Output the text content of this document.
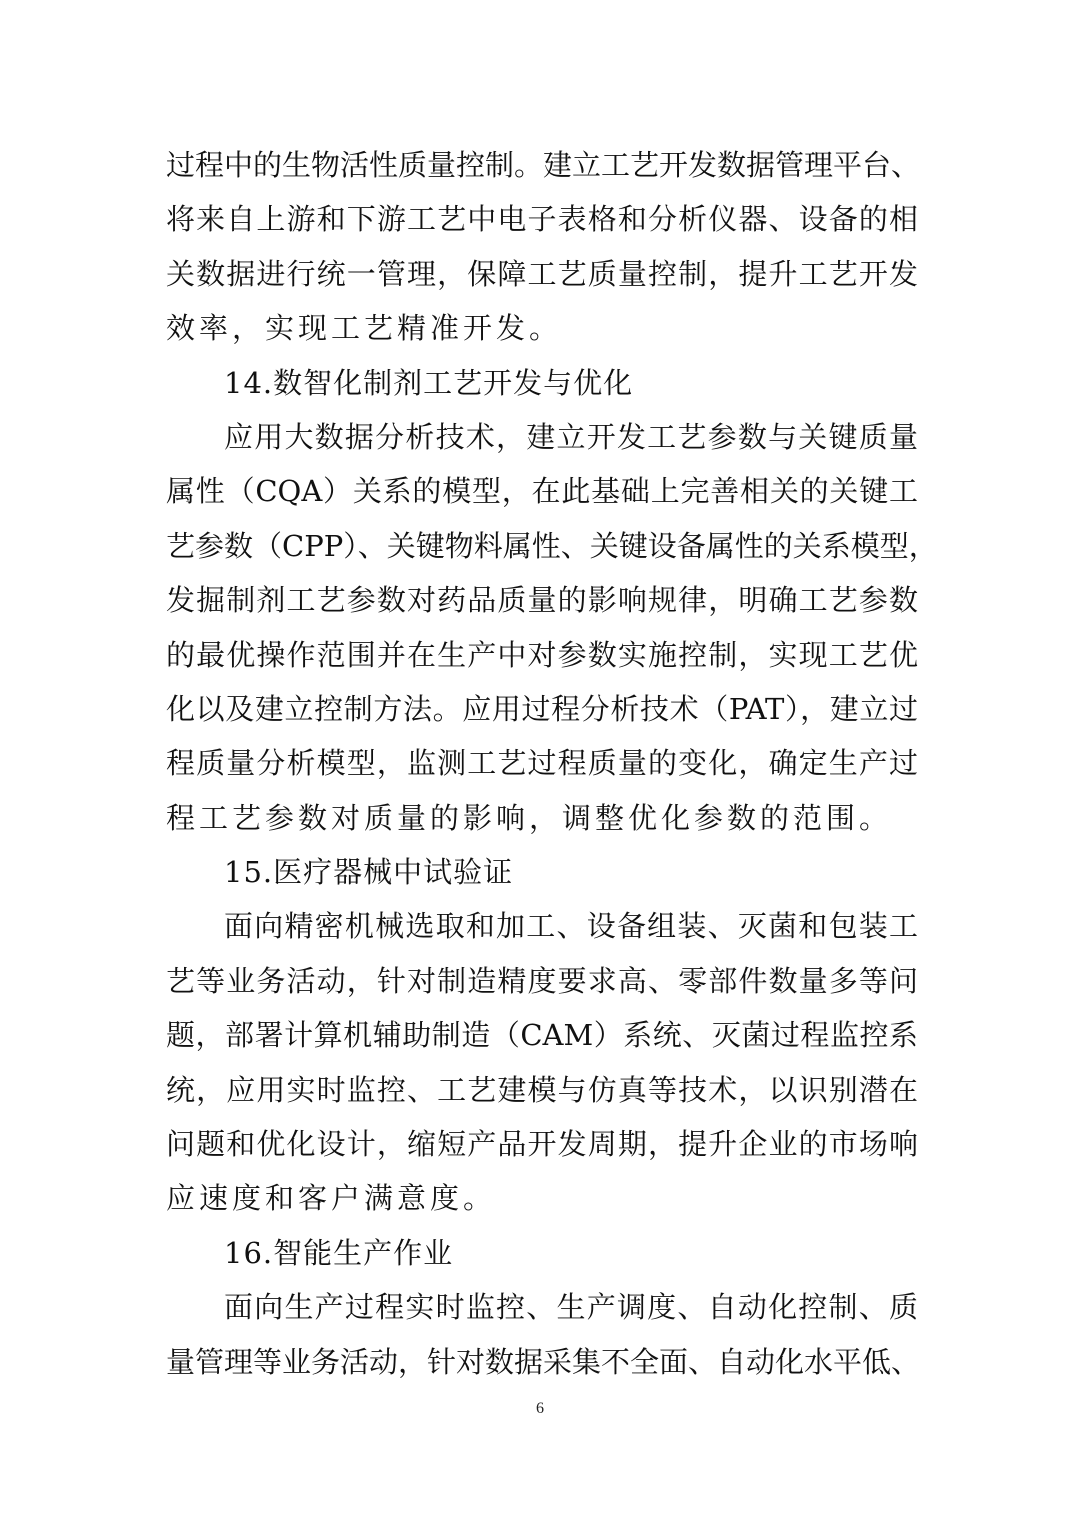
过程中的生物活性质量控制。建立工艺开发数据管理平台、
将来自上游和下游工艺中电子表格和分析仪器、设备的相
关数据进行统一管理，保障工艺质量控制，提升工艺开发
效率，实现工艺精准开发。
14.数智化制剂工艺开发与优化
应用大数据分析技术，建立开发工艺参数与关键质量
属性（CQA）关系的模型，在此基础上完善相关的关键工
艺参数（CPP）、关键物料属性、关键设备属性的关系模型，
发掘制剂工艺参数对药品质量的影响规律，明确工艺参数
的最优操作范围并在生产中对参数实施控制，实现工艺优
化以及建立控制方法。应用过程分析技术（PAT），建立过
程质量分析模型，监测工艺过程质量的变化，确定生产过
程工艺参数对质量的影响，调整优化参数的范围。
15.医疗器械中试验证
面向精密机械选取和加工、设备组装、灭菌和包装工
艺等业务活动，针对制造精度要求高、零部件数量多等问
题，部署计算机辅助制造（CAM）系统、灭菌过程监控系
统，应用实时监控、工艺建模与仿真等技术，以识别潜在
问题和优化设计，缩短产品开发周期，提升企业的市场响
应速度和客户满意度。
16.智能生产作业
面向生产过程实时监控、生产调度、自动化控制、质
量管理等业务活动，针对数据采集不全面、自动化水平低、
6
